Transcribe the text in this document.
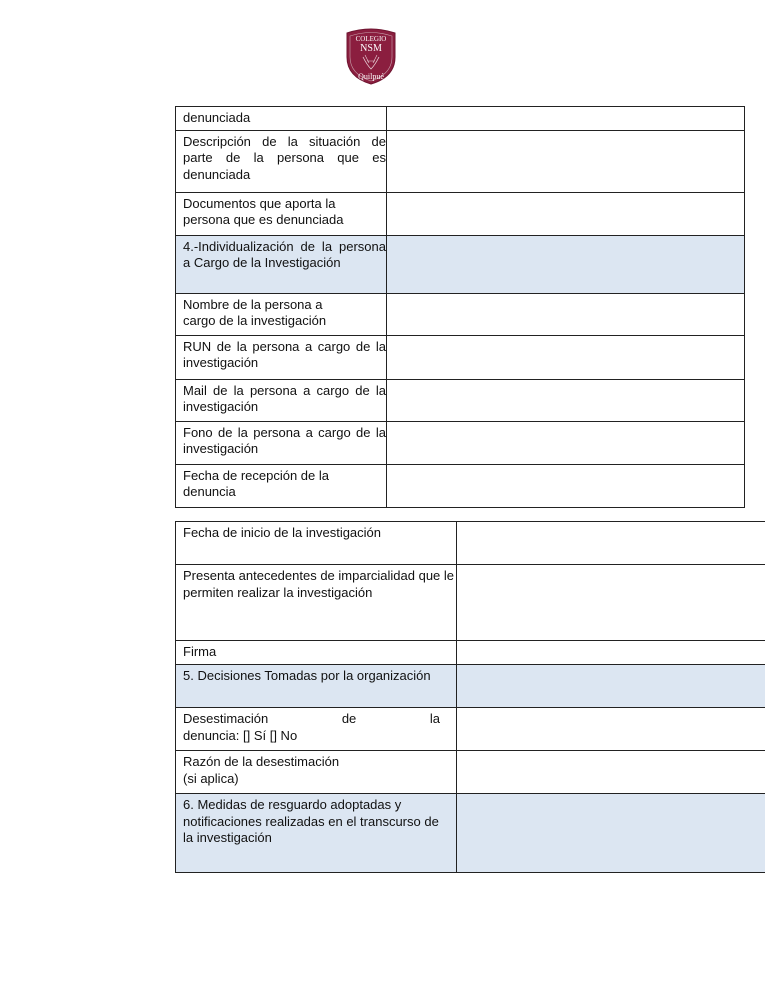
COLEGIO
NSM
Quilpué
denunciada	
Descripción de la situación de parte de la persona que es denunciada	
Documentos que aporta la persona que es denunciada	
4.-Individualización de la persona a Cargo de la Investigación	
Nombre de la persona a cargo de la investigación	
RUN de la persona a cargo de la investigación	
Mail de la persona a cargo de la investigación	
Fono de la persona a cargo de la investigación	
Fecha de recepción de la denuncia	
Fecha de inicio de la investigación	
Presenta antecedentes de imparcialidad que le permiten realizar la investigación	
Firma	
5. Decisiones Tomadas por la organización	

Desestimación de la
denuncia: [] Sí [] No	

Razón de la desestimación
(si aplica)	

6. Medidas de resguardo adoptadas y notificaciones realizadas en el transcurso de la investigación	
